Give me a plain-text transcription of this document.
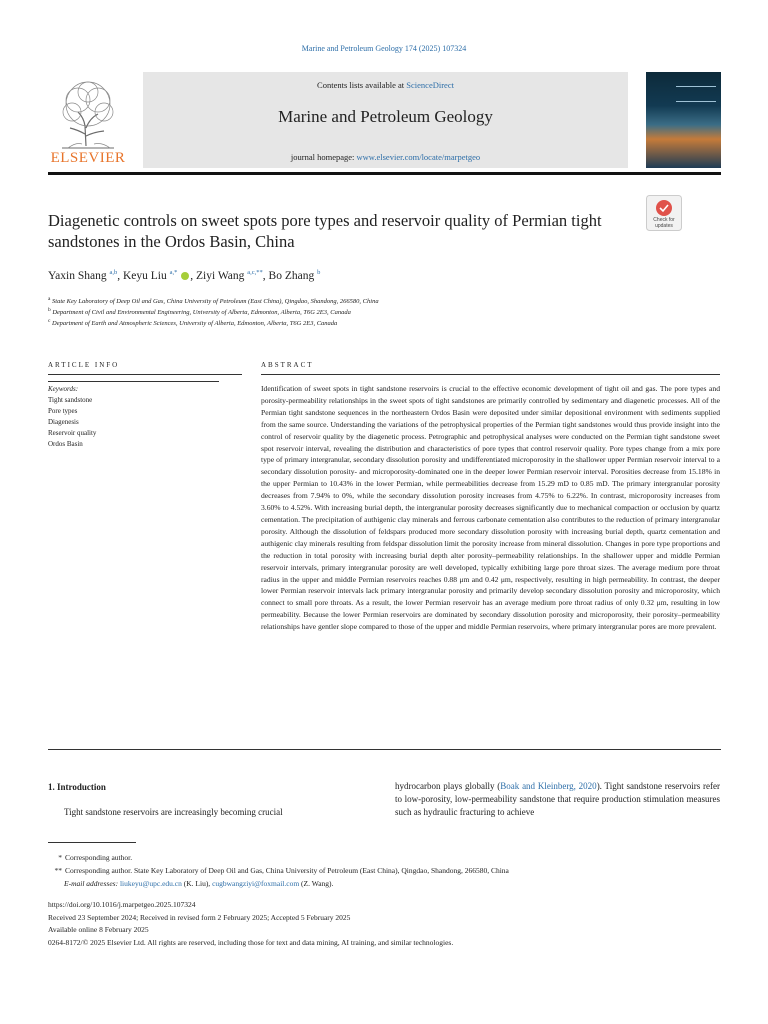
Marine and Petroleum Geology 174 (2025) 107324
ELSEVIER
Contents lists available at ScienceDirect
Marine and Petroleum Geology
journal homepage: www.elsevier.com/locate/marpetgeo
Diagenetic controls on sweet spots pore types and reservoir quality of Permian tight sandstones in the Ordos Basin, China
Check for updates
Yaxin Shang $^{a,b}$, Keyu Liu $^{a,*}$ , Ziyi Wang $^{a,c,**}$, Bo Zhang $^b$
$^a$ State Key Laboratory of Deep Oil and Gas, China University of Petroleum (East China), Qingdao, Shandong, 266580, China
$^b$ Department of Civil and Environmental Engineering, University of Alberta, Edmonton, Alberta, T6G 2E3, Canada
$^c$ Department of Earth and Atmospheric Sciences, University of Alberta, Edmonton, Alberta, T6G 2E3, Canada
ARTICLE INFO	ABSTRACT
Keywords:
Tight sandstone
Pore types
Diagenesis
Reservoir quality
Ordos Basin
Identification of sweet spots in tight sandstone reservoirs is crucial to the effective economic development of tight oil and gas. The pore types and porosity-permeability relationships in the sweet spots of tight sandstones are primarily controlled by sedimentary and diagenetic processes. All of the Permian tight sandstone sequences in the northeastern Ordos Basin were deposited under similar depositional environment with sediments supplied from the same source. Understanding the variations of the petrophysical properties of the Permian tight sandstones would thus provide insight into the control of reservoir quality by the diagenetic process. Petrographic and petrophysical analyses were conducted on the Permian tight sandstone sweet spot reservoir interval, revealing the distribution and characteristics of pore types that control reservoir quality. Pore types change from a mix pore type of primary intergranular, secondary dissolution porosity and undifferentiated microporosity in the shallower upper Permian reservoir interval to a secondary dissolution porosity- and microporosity-dominated one in the deeper lower Permian reservoir interval. Porosities decrease from 15.18% in the upper Permian to 10.43% in the lower Permian, while permeabilities decrease from 15.29 mD to 0.85 mD. The primary intergranular porosity decreases from 7.94% to 0%, while the secondary dissolution porosity increases from 4.75% to 6.22%. In contrast, microporosity increases from 3.60% to 4.52%. With increasing burial depth, the intergranular porosity decreases significantly due to mechanical compaction or occlusion by quartz cementation. The precipitation of authigenic clay minerals and ferrous carbonate cementation also contributes to the reduction of primary intergranular porosity. Although the dissolution of feldspars produced more secondary dissolution porosity with increasing burial depth, quartz cementation and authigenic clay minerals resulting from feldspar dissolution limit the porosity increase from mineral dissolution. Changes in pore type proportions and the reduction in total porosity with increasing burial depth alter porosity–permeability relationships. In the shallower upper and middle Permian reservoir intervals, primary intergranular porosity are well developed, typically exhibiting large pore throat sizes. The average medium pore throat radius in the upper and middle Permian reservoirs reaches 0.88 μm and 0.42 μm, respectively, resulting in high permeability. In contrast, the deeper lower Permian reservoir intervals lack primary intergranular porosity and primarily develop secondary dissolution porosity and microporosity, which connect to small pore throats. As a result, the lower Permian reservoir has an average medium pore throat radius of only 0.32 μm, resulting in low permeability. Because the lower Permian reservoirs are dominated by secondary dissolution porosity and microporosity, their porosity–permeability relationships have gentler slope compared to those of the upper and middle Permian reservoirs, where primary intergranular pores are more prevalent.
1. Introduction
Tight sandstone reservoirs are increasingly becoming crucial
hydrocarbon plays globally (Boak and Kleinberg, 2020). Tight sandstone reservoirs refer to low-porosity, low-permeability sandstone that require production stimulation measures such as hydraulic fracturing to achieve
* Corresponding author.
** Corresponding author. State Key Laboratory of Deep Oil and Gas, China University of Petroleum (East China), Qingdao, Shandong, 266580, China
E-mail addresses: liukeyu@upc.edu.cn (K. Liu), cugbwangziyi@foxmail.com (Z. Wang).
https://doi.org/10.1016/j.marpetgeo.2025.107324
Received 23 September 2024; Received in revised form 2 February 2025; Accepted 5 February 2025
Available online 8 February 2025
0264-8172/© 2025 Elsevier Ltd. All rights are reserved, including those for text and data mining, AI training, and similar technologies.
